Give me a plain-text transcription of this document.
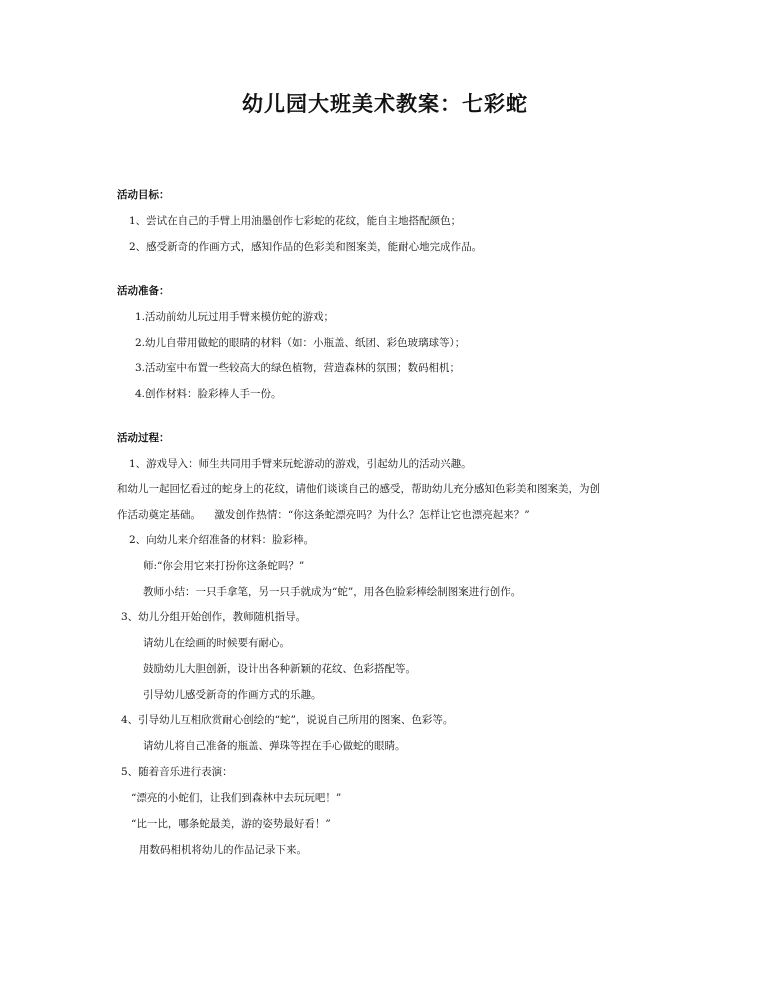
幼儿园大班美术教案：七彩蛇
活动目标：
1、尝试在自己的手臂上用油墨创作七彩蛇的花纹，能自主地搭配颜色；
2、感受新奇的作画方式，感知作品的色彩美和图案美，能耐心地完成作品。
活动准备：
1.活动前幼儿玩过用手臂来模仿蛇的游戏；
2.幼儿自带用做蛇的眼睛的材料（如：小瓶盖、纸团、彩色玻璃球等）；
3.活动室中布置一些较高大的绿色植物，营造森林的氛围；数码相机；
4.创作材料：脸彩棒人手一份。
活动过程：
1、游戏导入：师生共同用手臂来玩蛇游动的游戏，引起幼儿的活动兴趣。
和幼儿一起回忆看过的蛇身上的花纹，请他们谈谈自己的感受，帮助幼儿充分感知色彩美和图案美，为创
作活动奠定基础。    激发创作热情：“你这条蛇漂亮吗？为什么？怎样让它也漂亮起来？”
2、向幼儿来介绍准备的材料：脸彩棒。
师:“你会用它来打扮你这条蛇吗？”
教师小结：一只手拿笔，另一只手就成为“蛇”，用各色脸彩棒绘制图案进行创作。
3、幼儿分组开始创作，教师随机指导。
请幼儿在绘画的时候要有耐心。
鼓励幼儿大胆创新，设计出各种新颖的花纹、色彩搭配等。
引导幼儿感受新奇的作画方式的乐趣。
4、引导幼儿互相欣赏耐心创绘的“蛇”，说说自己所用的图案、色彩等。
请幼儿将自己准备的瓶盖、弹珠等捏在手心做蛇的眼睛。
5、随着音乐进行表演：
“漂亮的小蛇们，让我们到森林中去玩玩吧！”
“比一比，哪条蛇最美，游的姿势最好看！”
用数码相机将幼儿的作品记录下来。
